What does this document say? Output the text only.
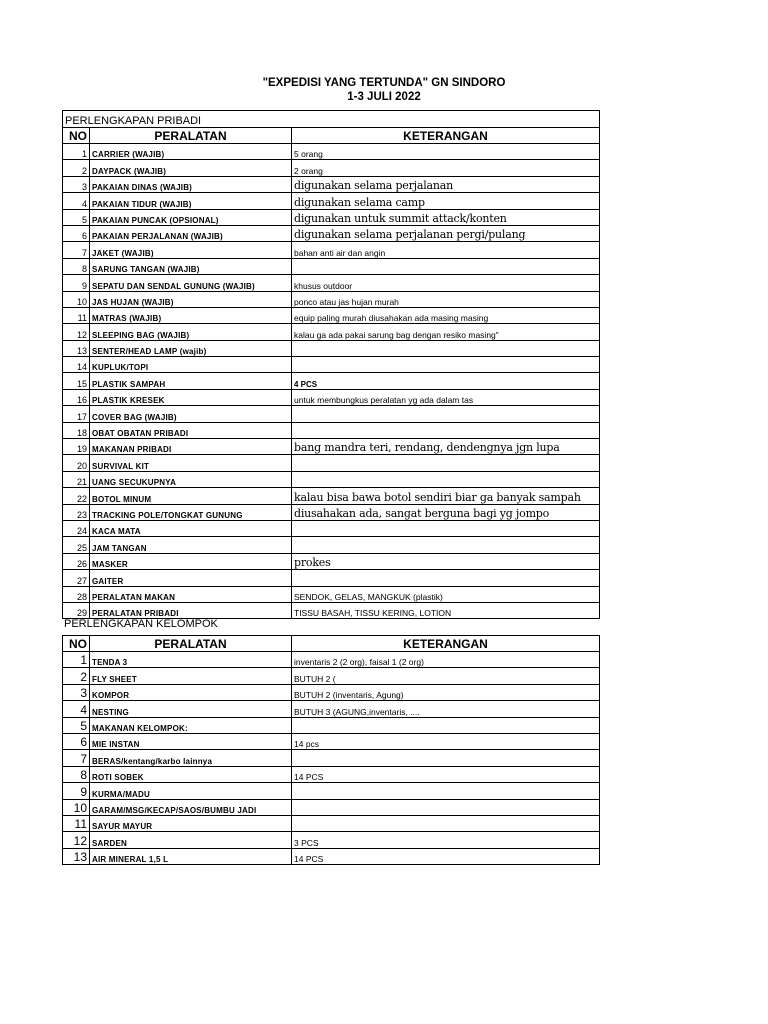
"EXPEDISI YANG TERTUNDA" GN SINDORO
1-3 JULI 2022
PERLENGKAPAN PRIBADI		
NO	PERALATAN	KETERANGAN
1	CARRIER (WAJIB)	5 orang
2	DAYPACK (WAJIB)	2 orang
3	PAKAIAN DINAS (WAJIB)	digunakan selama perjalanan
4	PAKAIAN TIDUR (WAJIB)	digunakan selama camp
5	PAKAIAN PUNCAK (OPSIONAL)	digunakan untuk summit attack/konten
6	PAKAIAN PERJALANAN (WAJIB)	digunakan selama perjalanan pergi/pulang
7	JAKET (WAJIB)	bahan anti air dan angin
8	SARUNG TANGAN (WAJIB)	
9	SEPATU DAN SENDAL GUNUNG (WAJIB)	khusus outdoor
10	JAS HUJAN (WAJIB)	ponco atau jas hujan murah
11	MATRAS (WAJIB)	equip paling murah diusahakan ada masing masing
12	SLEEPING BAG (WAJIB)	kalau ga ada pakai sarung bag dengan resiko masing"
13	SENTER/HEAD LAMP (wajib)	
14	KUPLUK/TOPI	
15	PLASTIK SAMPAH	4 PCS
16	PLASTIK KRESEK	untuk membungkus peralatan yg ada dalam tas
17	COVER BAG (WAJIB)	
18	OBAT OBATAN PRIBADI	
19	MAKANAN PRIBADI	bang mandra teri, rendang, dendengnya jgn lupa
20	SURVIVAL KIT	
21	UANG SECUKUPNYA	
22	BOTOL MINUM	kalau bisa bawa botol sendiri biar ga banyak sampah
23	TRACKING POLE/TONGKAT GUNUNG	diusahakan ada, sangat berguna bagi yg jompo
24	KACA MATA	
25	JAM TANGAN	
26	MASKER	prokes
27	GAITER	
28	PERALATAN MAKAN	SENDOK, GELAS, MANGKUK (plastik)
29	PERALATAN PRIBADI	TISSU BASAH, TISSU KERING, LOTION
PERLENGKAPAN KELOMPOK
NO	PERALATAN	KETERANGAN
1	TENDA 3	inventaris 2 (2 org), faisal 1 (2 org)
2	FLY SHEET	BUTUH 2 (
3	KOMPOR	BUTUH 2 (inventaris, Agung)
4	NESTING	BUTUH 3 (AGUNG,inventaris, ....
5	MAKANAN KELOMPOK:	
6	MIE INSTAN	14 pcs
7	BERAS/kentang/karbo lainnya	
8	ROTI SOBEK	14 PCS
9	KURMA/MADU	
10	GARAM/MSG/KECAP/SAOS/BUMBU JADI	
11	SAYUR MAYUR	
12	SARDEN	3 PCS
13	AIR MINERAL 1,5 L	14 PCS
